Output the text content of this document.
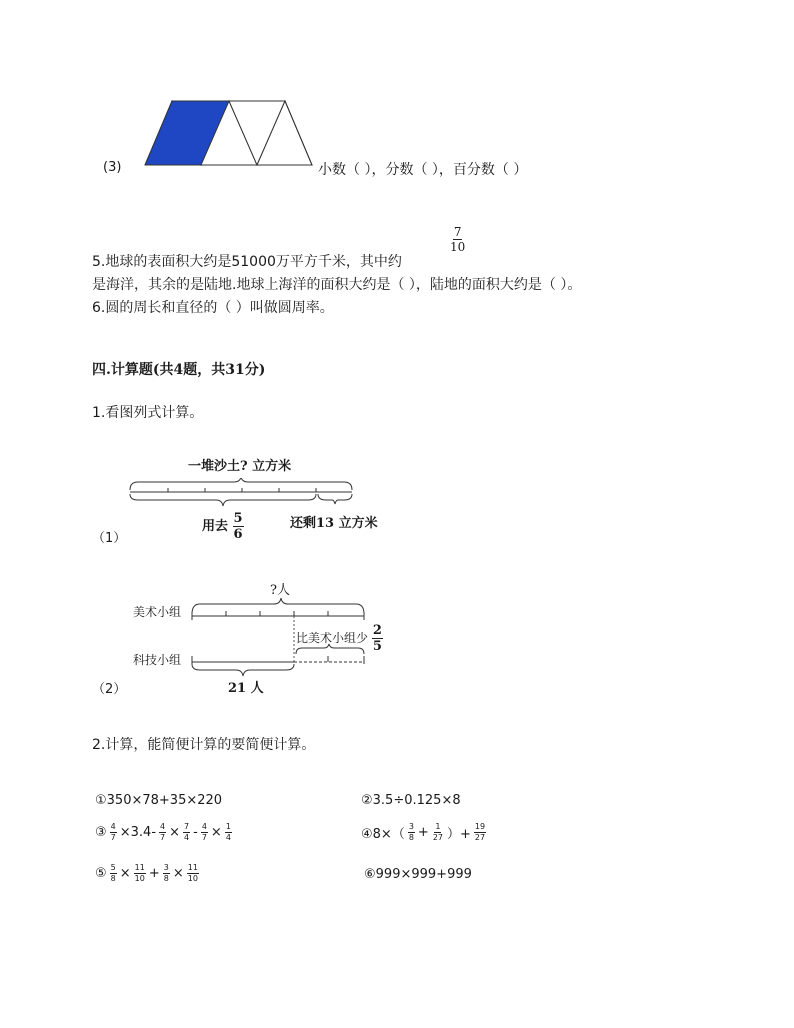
(3)	小数（ ），分数（ ），百分数（ ）
$\frac{7}{10}$
5.地球的表面积大约是51000万平方千米，其中约
是海洋，其余的是陆地.地球上海洋的面积大约是（ ），陆地的面积大约是（ ）。
6.圆的周长和直径的（ ）叫做圆周率。
四.计算题(共4题，共31分)
1.看图列式计算。
一堆沙土? 立方米
用去 $\frac{5}{6}$	还剩13 立方米
（1）
?人
美术小组
科技小组
比美术小组少 $\frac{2}{5}$
21 人
（2）
2.计算，能简便计算的要简便计算。
①350×78+35×220	②3.5÷0.125×8
③ $\frac{4}{7} \times 3.4- \frac{4}{7} \times \frac{7}{4} - \frac{4}{7} \times \frac{1}{4}$	④8×（ $\frac{3}{8} + \frac{1}{27}$ ）+ $\frac{19}{27}$
⑤ $\frac{5}{8} \times \frac{11}{10} + \frac{3}{8} \times \frac{11}{10}$	⑥999×999+999
